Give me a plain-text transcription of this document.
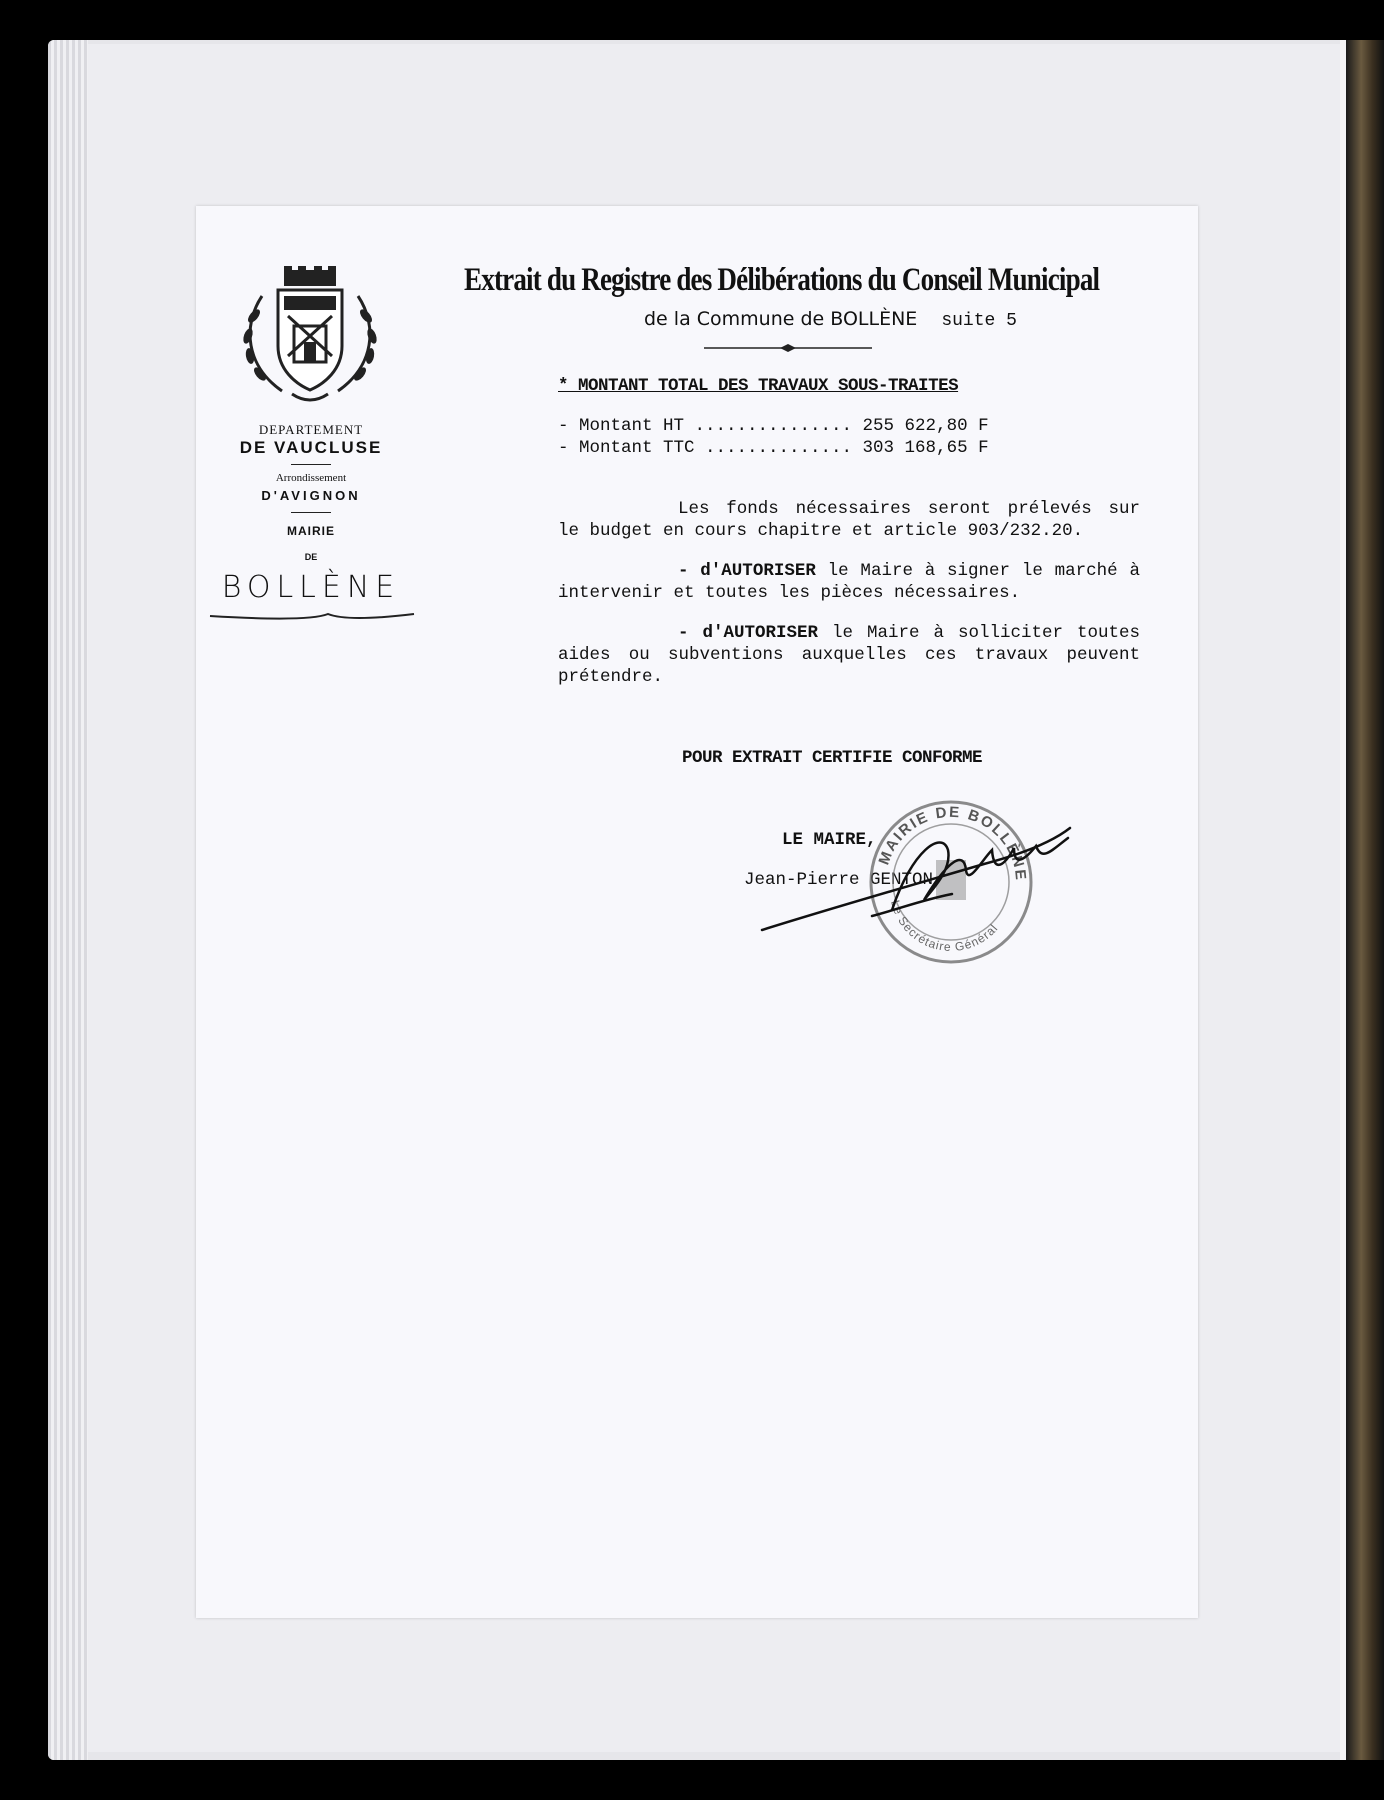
DEPARTEMENT
DE VAUCLUSE
Arrondissement
D'AVIGNON
MAIRIE
DE
BOLLÈNE
Extrait du Registre des Délibérations du Conseil Municipal
de la Commune de BOLLÈNE suite 5
* MONTANT TOTAL DES TRAVAUX SOUS-TRAITES
- Montant HT ............... 255 622,80 F
- Montant TTC .............. 303 168,65 F
Les fonds nécessaires seront prélevés sur le budget en cours chapitre et article 903/232.20.
- d'AUTORISER le Maire à signer le marché à intervenir et toutes les pièces nécessaires.
- d'AUTORISER le Maire à solliciter toutes aides ou subventions auxquelles ces travaux peuvent prétendre.
POUR EXTRAIT CERTIFIE CONFORME
LE MAIRE,
Jean-Pierre GENTON
MAIRIE DE BOLLÈNE
Le Secrétaire Général
